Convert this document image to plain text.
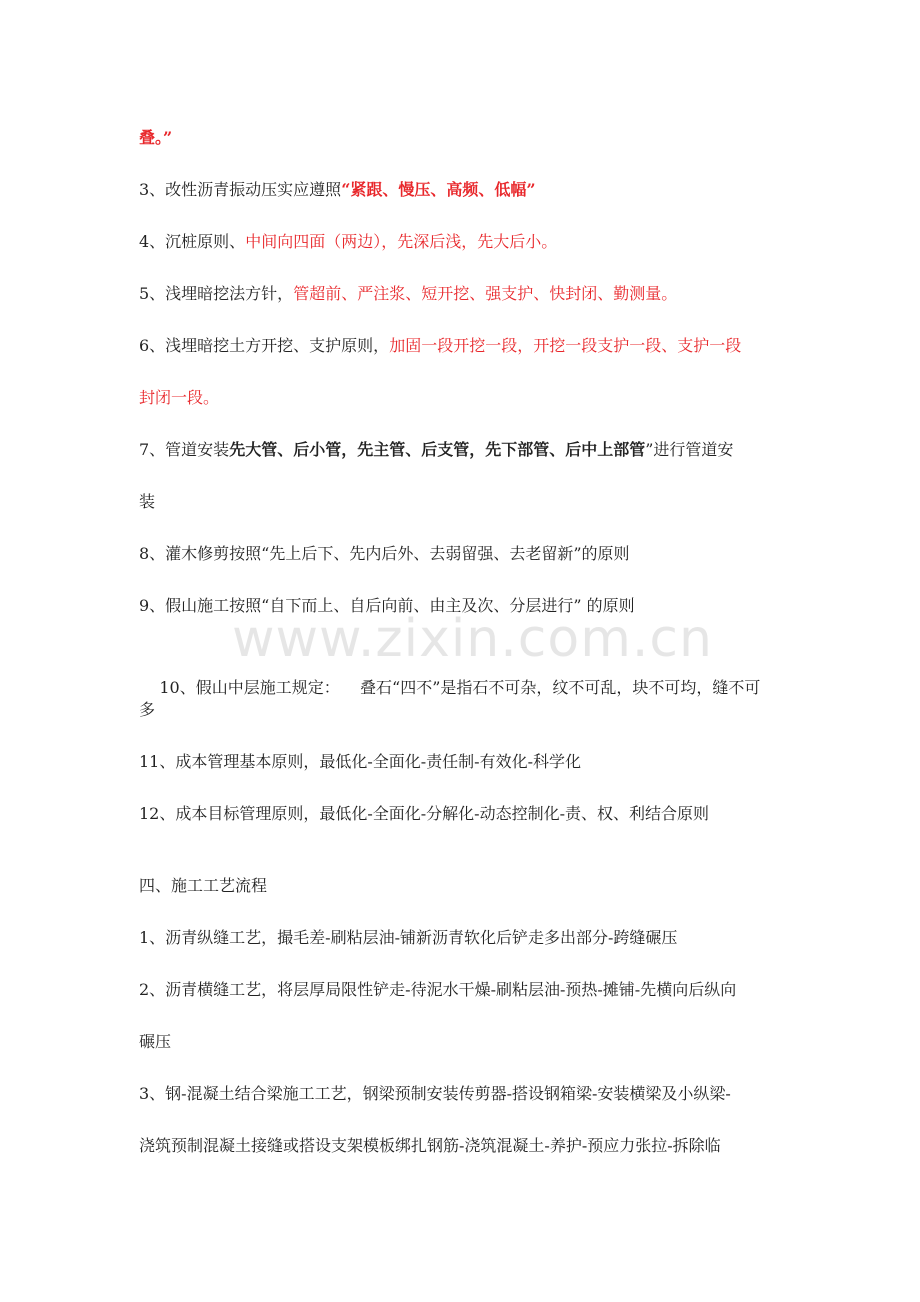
叠。”
3、改性沥青振动压实应遵照“紧跟、慢压、高频、低幅”
4、沉桩原则、中间向四面（两边），先深后浅，先大后小。
5、浅埋暗挖法方针，管超前、严注浆、短开挖、强支护、快封闭、勤测量。
6、浅埋暗挖土方开挖、支护原则，加固一段开挖一段，开挖一段支护一段、支护一段
封闭一段。
7、管道安装先大管、后小管，先主管、后支管，先下部管、后中上部管”进行管道安
装
8、灌木修剪按照“先上后下、先内后外、去弱留强、去老留新”的原则
9、假山施工按照“自下而上、自后向前、由主及次、分层进行” 的原则

10、假山中层施工规定：    叠石“四不”是指石不可杂，纹不可乱，块不可均，缝不可

多
11、成本管理基本原则，最低化-全面化-责任制-有效化-科学化
12、成本目标管理原则，最低化-全面化-分解化-动态控制化-责、权、利结合原则
四、施工工艺流程
1、沥青纵缝工艺，撮毛差-刷粘层油-铺新沥青软化后铲走多出部分-跨缝碾压
2、沥青横缝工艺，将层厚局限性铲走-待泥水干燥-刷粘层油-预热-摊铺-先横向后纵向
碾压
3、钢-混凝土结合梁施工工艺，钢梁预制安装传剪器-搭设钢箱梁-安装横梁及小纵梁-
浇筑预制混凝土接缝或搭设支架模板绑扎钢筋-浇筑混凝土-养护-预应力张拉-拆除临
www.zixin.com.cn
